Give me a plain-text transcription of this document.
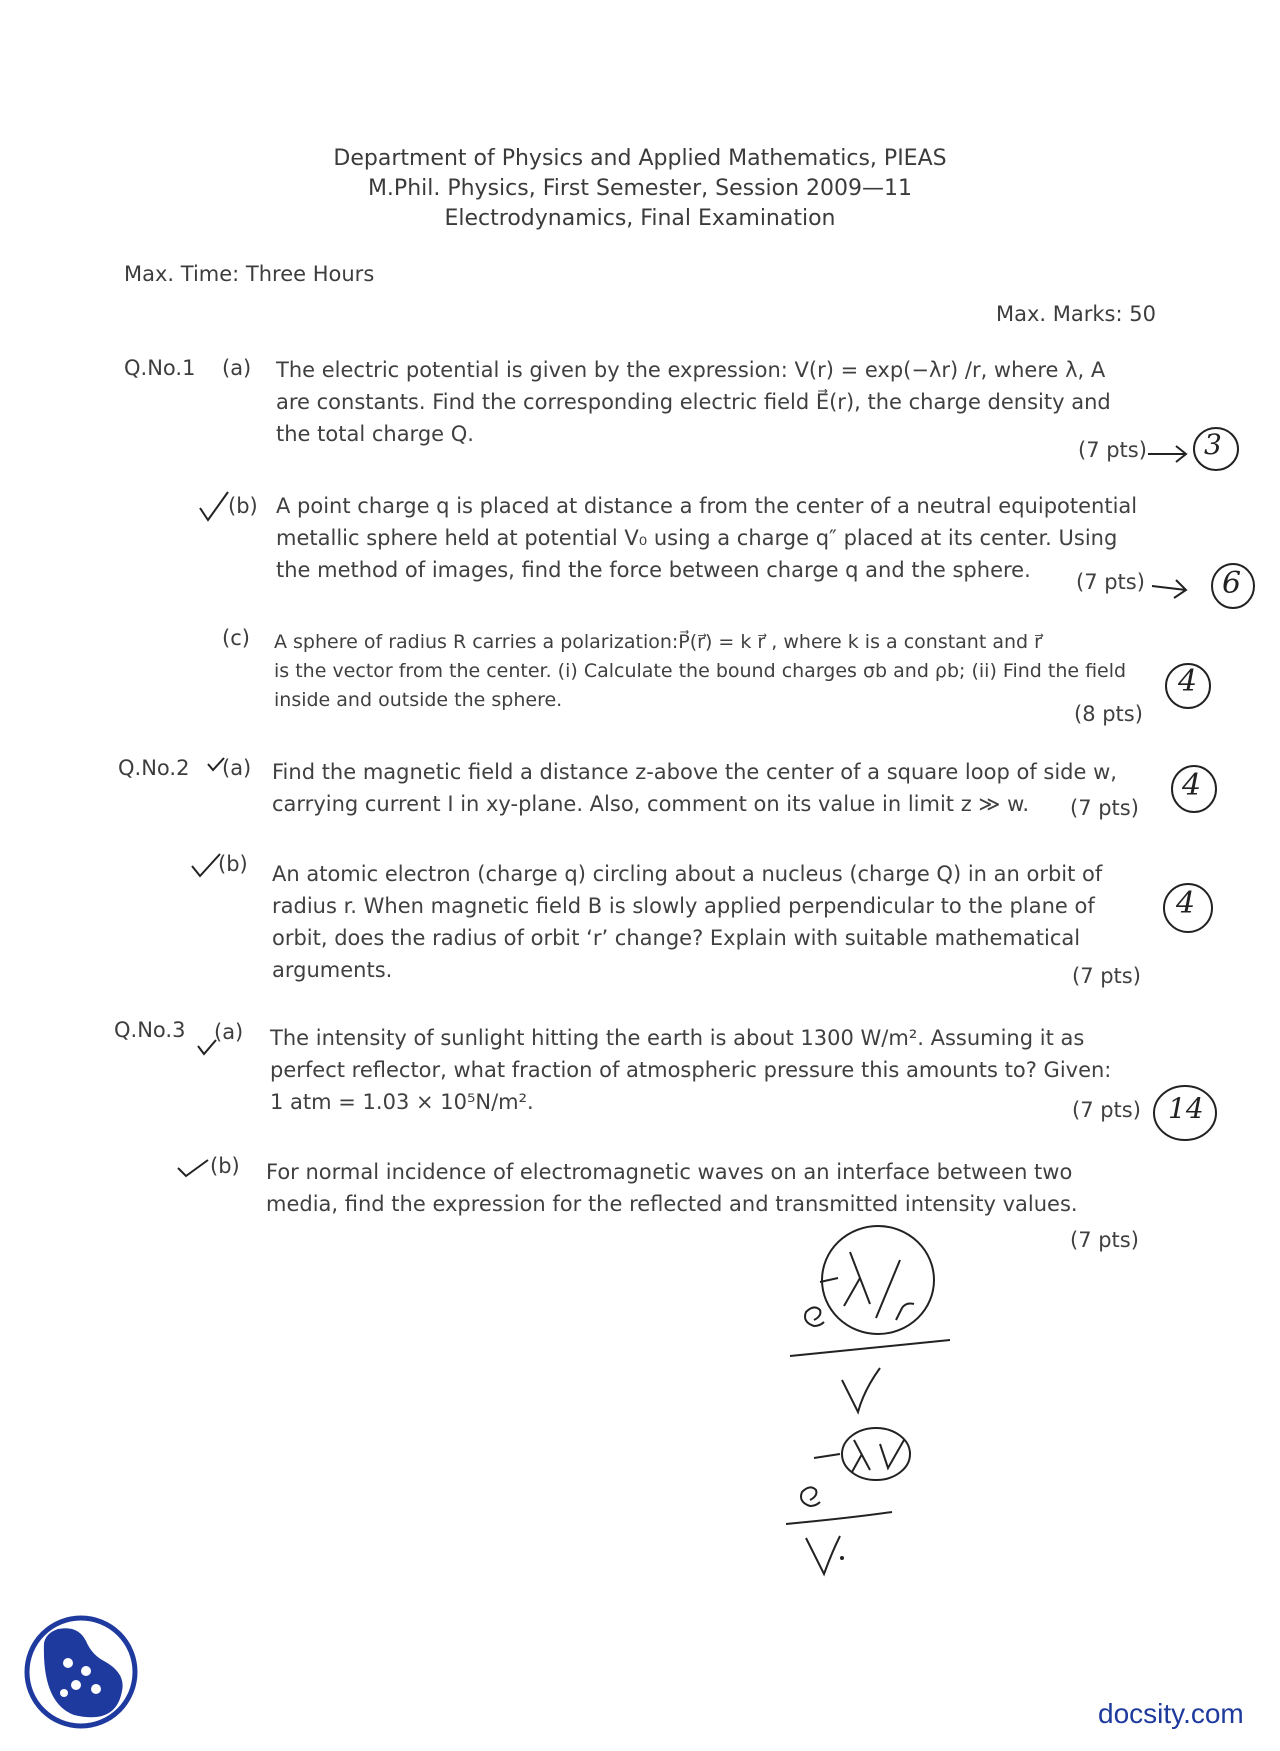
Department of Physics and Applied Mathematics, PIEAS
M.Phil. Physics, First Semester, Session 2009—11
Electrodynamics, Final Examination
Max. Time: Three Hours
Max. Marks: 50
Q.No.1 (a) The electric potential is given by the expression: V(r) = exp(−λr) /r, where λ, A
are constants. Find the corresponding electric field E⃗(r), the charge density and
the total charge Q.
(7 pts)
(b) A point charge q is placed at distance a from the center of a neutral equipotential
metallic sphere held at potential V₀ using a charge q″ placed at its center. Using
the method of images, find the force between charge q and the sphere.	(7 pts)
(c) A sphere of radius R carries a polarization:P⃗(r⃗) = k r⃗ , where k is a constant and r⃗
is the vector from the center. (i) Calculate the bound charges σb and ρb; (ii) Find the field
inside and outside the sphere.
(8 pts)
Q.No.2 (a) Find the magnetic field a distance z-above the center of a square loop of side w,
carrying current I in xy-plane. Also, comment on its value in limit z ≫ w.	(7 pts)
(b) An atomic electron (charge q) circling about a nucleus (charge Q) in an orbit of
radius r. When magnetic field B is slowly applied perpendicular to the plane of
orbit, does the radius of orbit ‘r’ change? Explain with suitable mathematical
arguments.	(7 pts)
Q.No.3 (a) The intensity of sunlight hitting the earth is about 1300 W/m². Assuming it as
perfect reflector, what fraction of atmospheric pressure this amounts to? Given:
1 atm = 1.03 × 10⁵N/m².	(7 pts)
(b) For normal incidence of electromagnetic waves on an interface between two
media, find the expression for the reflected and transmitted intensity values.
(7 pts)
3
6
4
4
4
14
docsity.com
